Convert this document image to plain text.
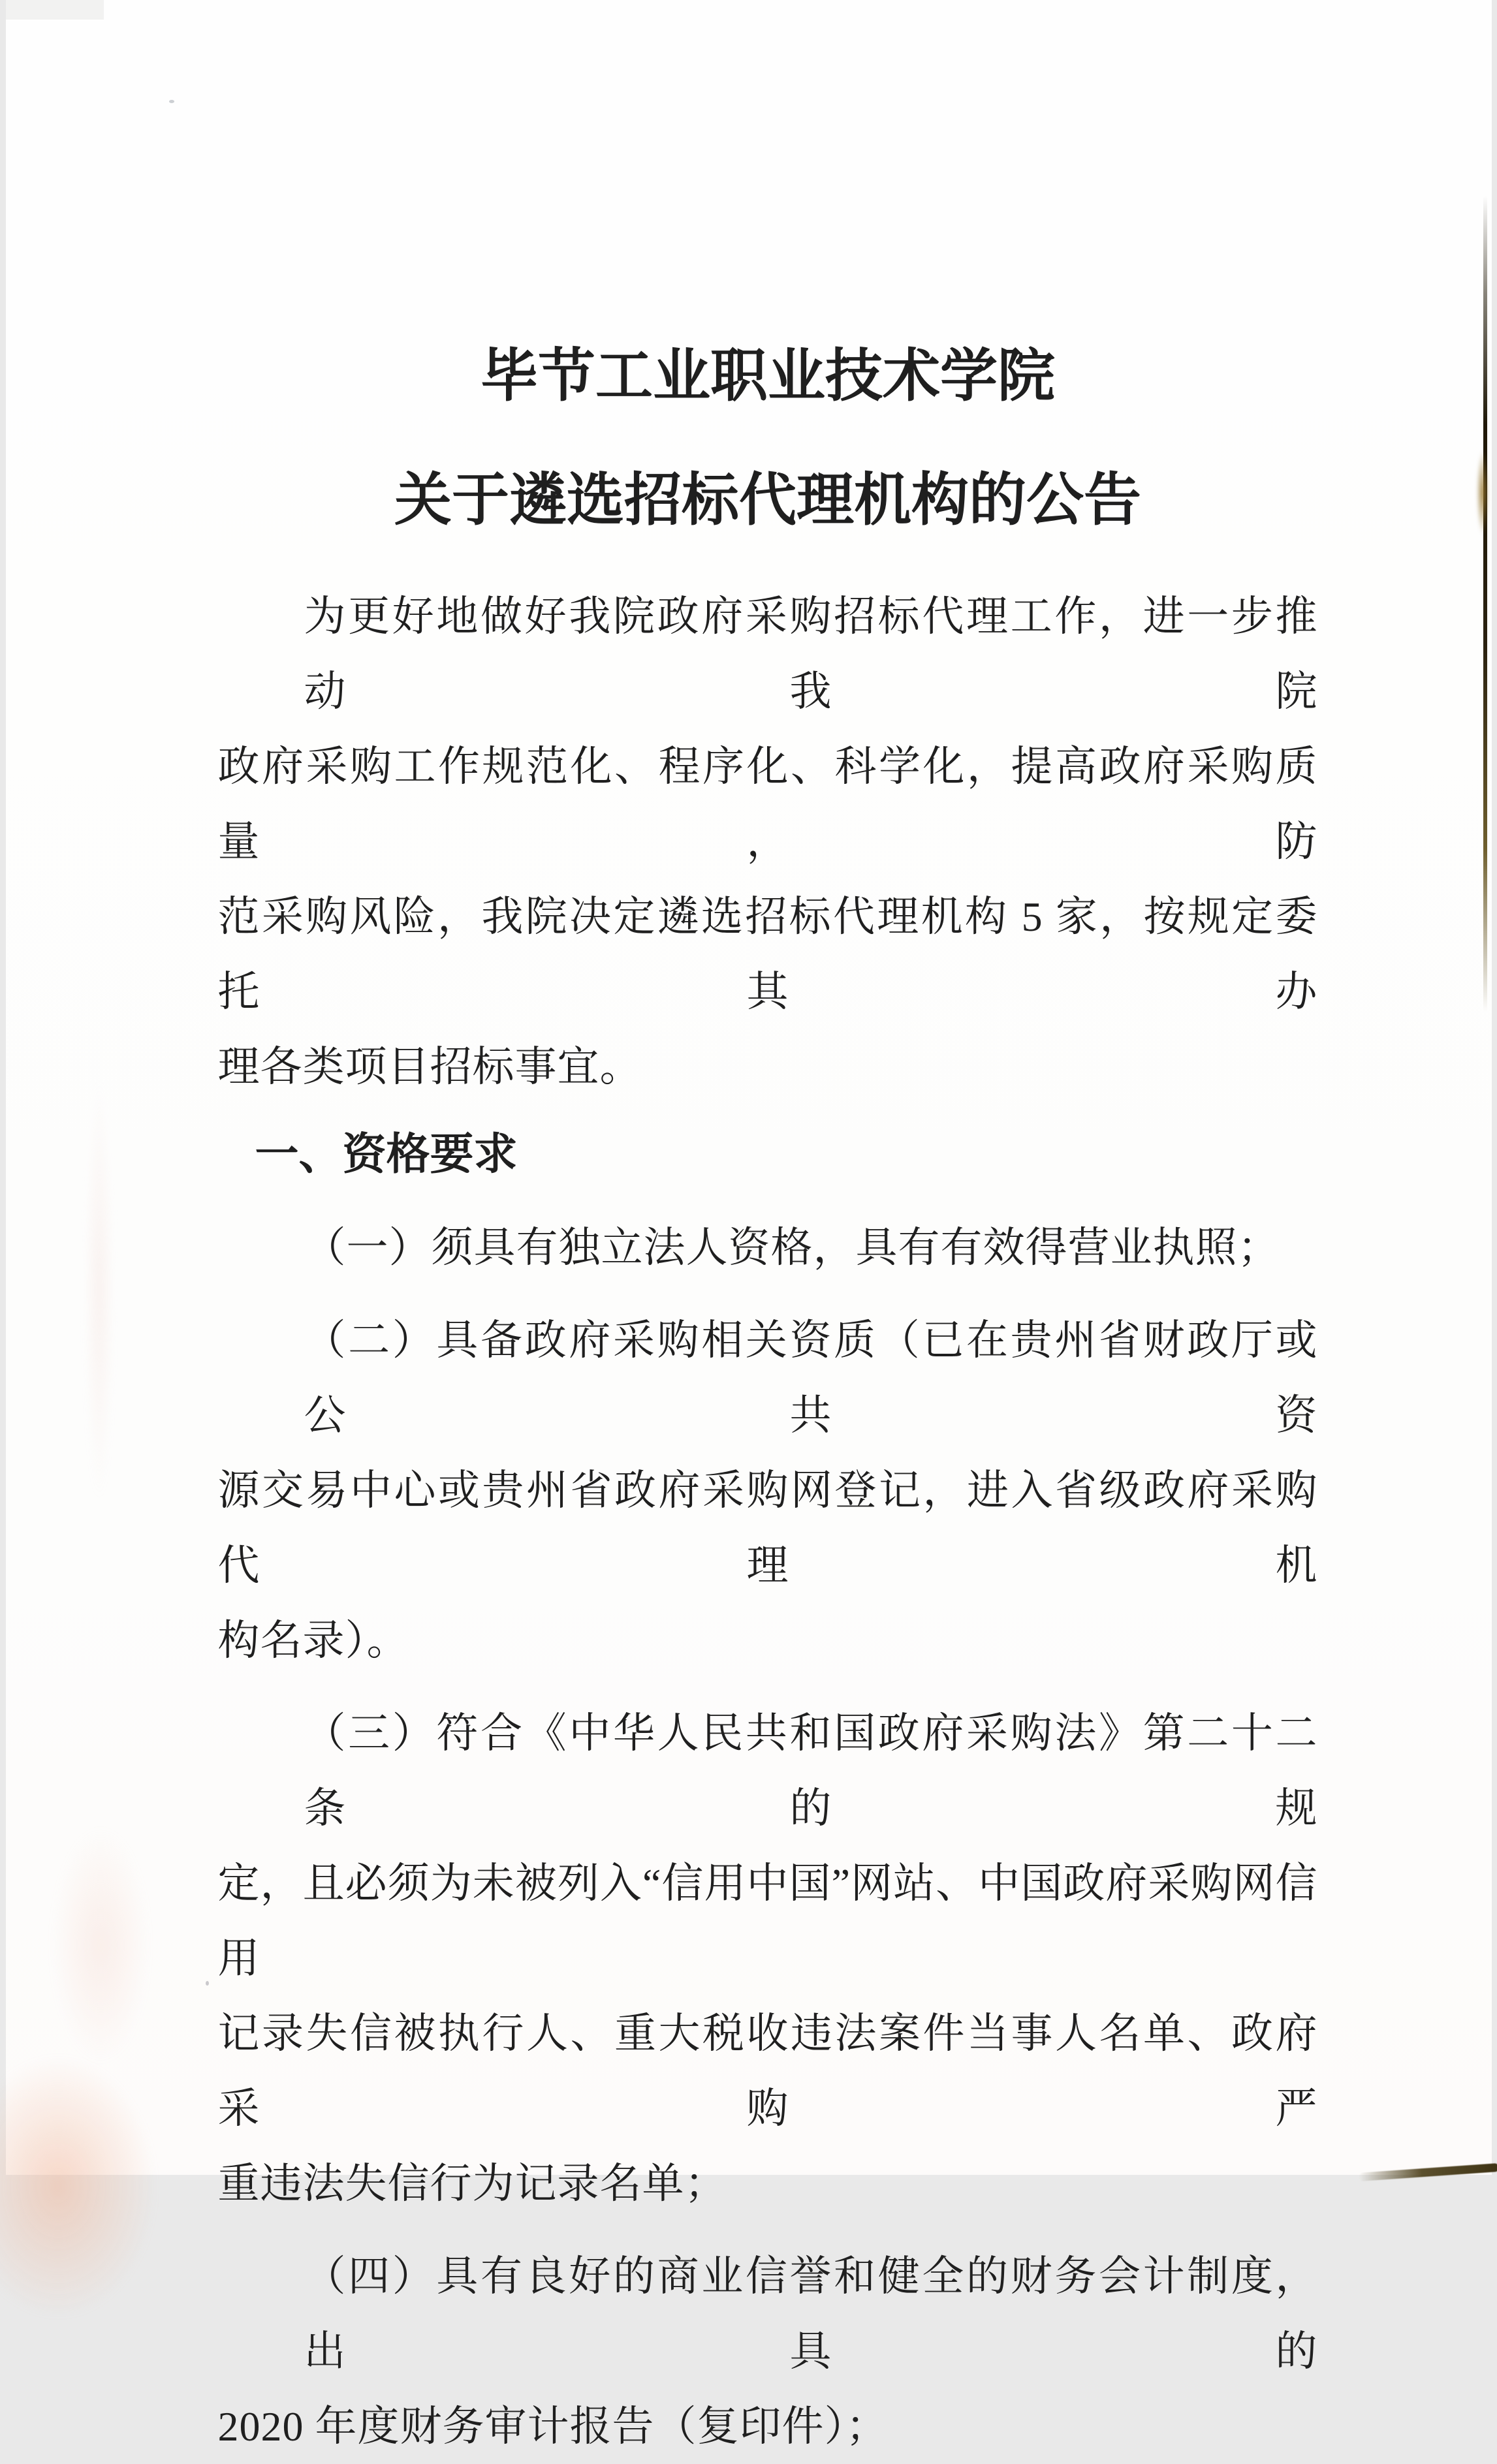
毕节工业职业技术学院
关于遴选招标代理机构的公告
为更好地做好我院政府采购招标代理工作，进一步推动我院
政府采购工作规范化、程序化、科学化，提高政府采购质量，防
范采购风险，我院决定遴选招标代理机构 5 家，按规定委托其办
理各类项目招标事宜。
一、资格要求
（一）须具有独立法人资格，具有有效得营业执照；
（二）具备政府采购相关资质（已在贵州省财政厅或公共资
源交易中心或贵州省政府采购网登记，进入省级政府采购代理机
构名录）。
（三）符合《中华人民共和国政府采购法》第二十二条的规
定，且必须为未被列入“信用中国”网站、中国政府采购网信用
记录失信被执行人、重大税收违法案件当事人名单、政府采购严
重违法失信行为记录名单；
（四）具有良好的商业信誉和健全的财务会计制度，出具的
2020 年度财务审计报告（复印件）；
